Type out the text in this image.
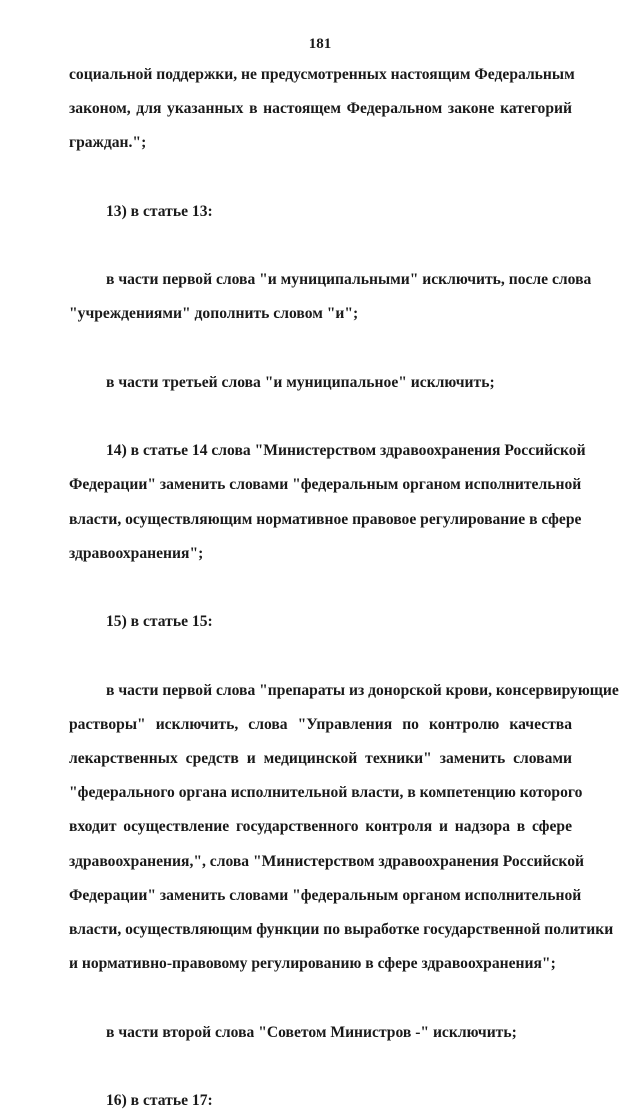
181
социальной поддержки, не предусмотренных настоящим Федеральным
законом, для указанных в настоящем Федеральном законе категорий
граждан.";
13) в статье 13:
в части первой слова "и муниципальными" исключить, после слова
"учреждениями" дополнить словом "и";
в части третьей слова "и муниципальное" исключить;
14) в статье 14 слова "Министерством здравоохранения Российской
Федерации" заменить словами "федеральным органом исполнительной
власти, осуществляющим нормативное правовое регулирование в сфере
здравоохранения";
15) в статье 15:
в части первой слова "препараты из донорской крови, консервирующие
растворы" исключить, слова "Управления по контролю качества
лекарственных средств и медицинской техники" заменить словами
"федерального органа исполнительной власти, в компетенцию которого
входит осуществление государственного контроля и надзора в сфере
здравоохранения,", слова "Министерством здравоохранения Российской
Федерации" заменить словами "федеральным органом исполнительной
власти, осуществляющим функции по выработке государственной политики
и нормативно-правовому регулированию в сфере здравоохранения";
в части второй слова "Советом Министров -" исключить;
16) в статье 17:
